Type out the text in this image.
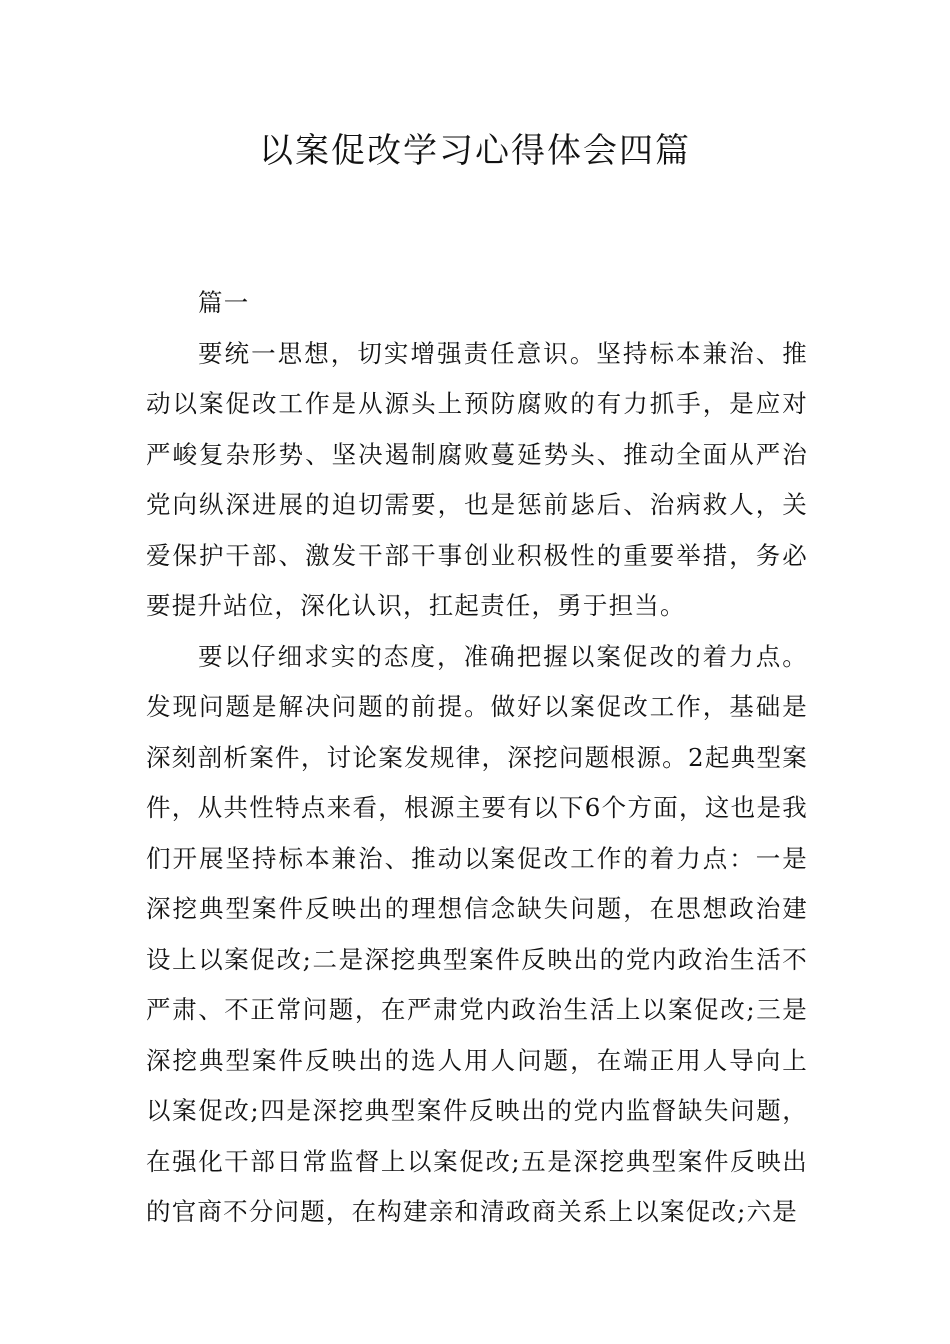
以案促改学习心得体会四篇

篇一

要统一思想，切实增强责任意识。坚持标本兼治、推动以案促改工作是从源头上预防腐败的有力抓手，是应对严峻复杂形势、坚决遏制腐败蔓延势头、推动全面从严治党向纵深进展的迫切需要，也是惩前毖后、治病救人，关爱保护干部、激发干部干事创业积极性的重要举措，务必要提升站位，深化认识，扛起责任，勇于担当。

要以仔细求实的态度，准确把握以案促改的着力点。发现问题是解决问题的前提。做好以案促改工作，基础是深刻剖析案件，讨论案发规律，深挖问题根源。2起典型案件，从共性特点来看，根源主要有以下6个方面，这也是我们开展坚持标本兼治、推动以案促改工作的着力点：一是深挖典型案件反映出的理想信念缺失问题，在思想政治建设上以案促改;二是深挖典型案件反映出的党内政治生活不严肃、不正常问题，在严肃党内政治生活上以案促改;三是深挖典型案件反映出的选人用人问题，在端正用人导向上以案促改;四是深挖典型案件反映出的党内监督缺失问题，在强化干部日常监督上以案促改;五是深挖典型案件反映出的官商不分问题，在构建亲和清政商关系上以案促改;六是
